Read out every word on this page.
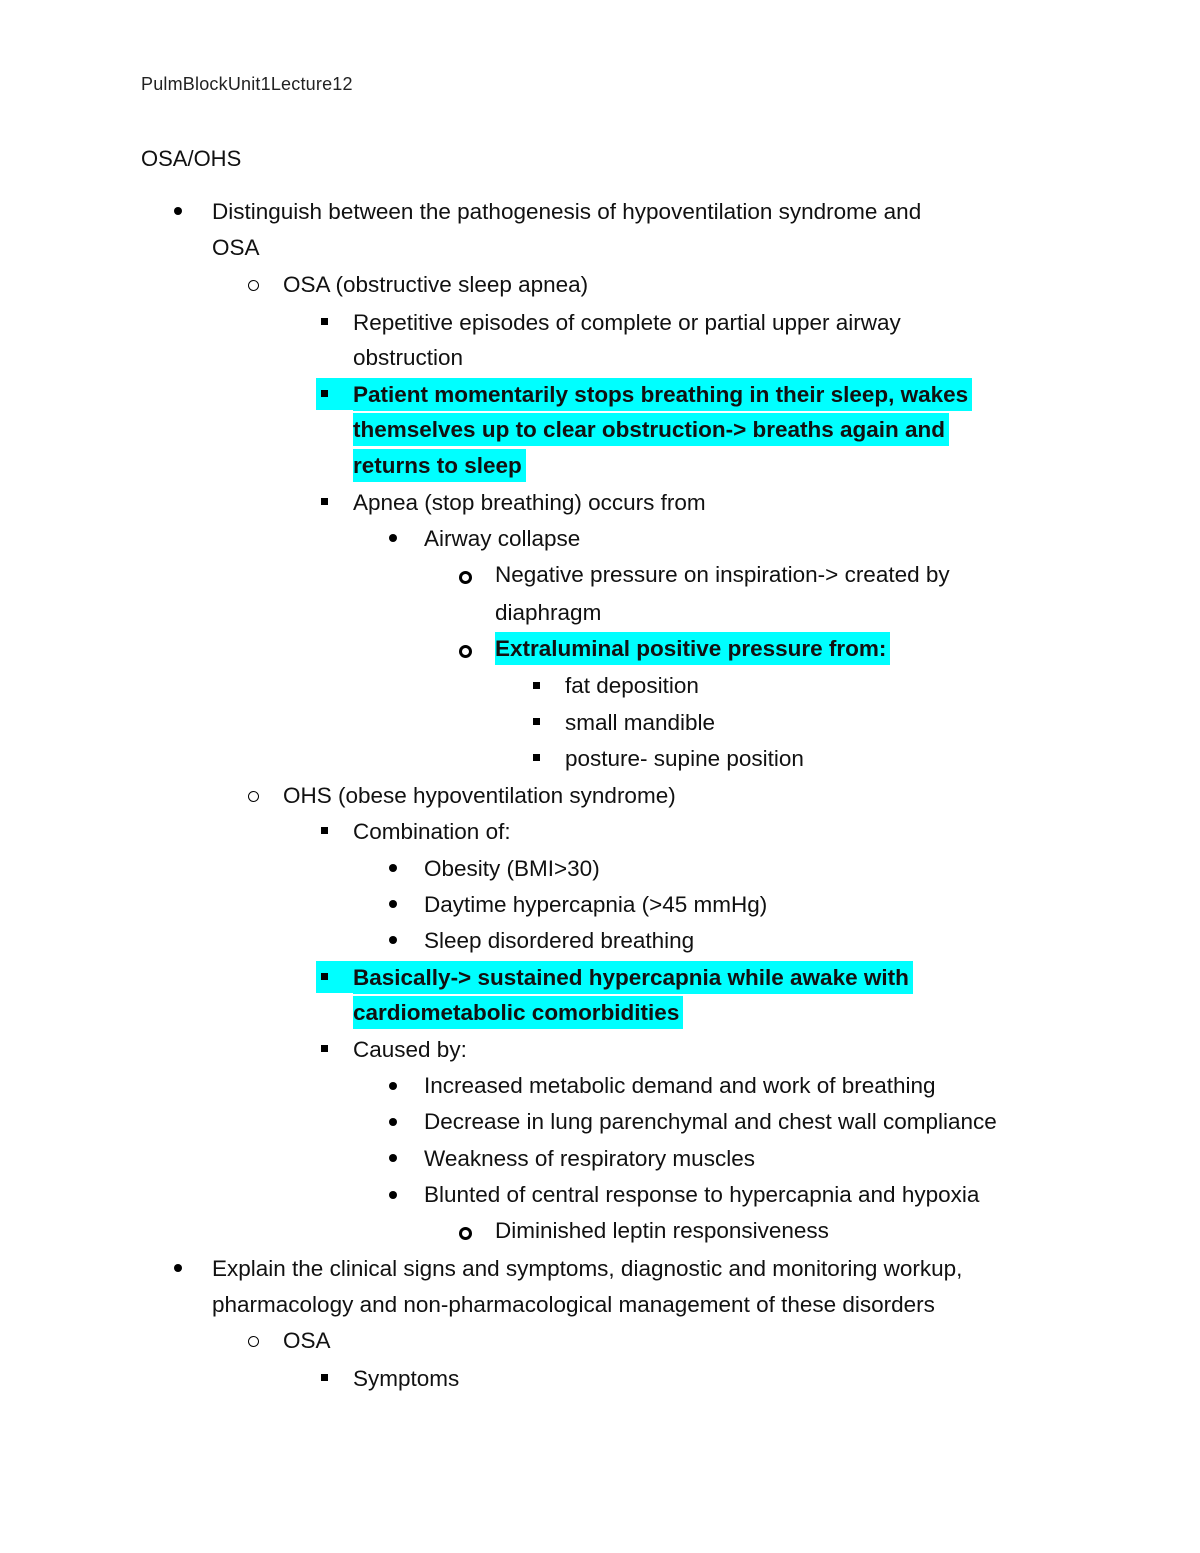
PulmBlockUnit1Lecture12
OSA/OHS
Distinguish between the pathogenesis of hypoventilation syndrome and
OSA
OSA (obstructive sleep apnea)
Repetitive episodes of complete or partial upper airway
obstruction
Patient momentarily stops breathing in their sleep, wakes
themselves up to clear obstruction-> breaths again and
returns to sleep
Apnea (stop breathing) occurs from
Airway collapse
Negative pressure on inspiration-> created by
diaphragm
Extraluminal positive pressure from:
fat deposition
small mandible
posture- supine position
OHS (obese hypoventilation syndrome)
Combination of:
Obesity (BMI>30)
Daytime hypercapnia (>45 mmHg)
Sleep disordered breathing
Basically-> sustained hypercapnia while awake with
cardiometabolic comorbidities
Caused by:
Increased metabolic demand and work of breathing
Decrease in lung parenchymal and chest wall compliance
Weakness of respiratory muscles
Blunted of central response to hypercapnia and hypoxia
Diminished leptin responsiveness
Explain the clinical signs and symptoms, diagnostic and monitoring workup,
pharmacology and non-pharmacological management of these disorders
OSA
Symptoms
